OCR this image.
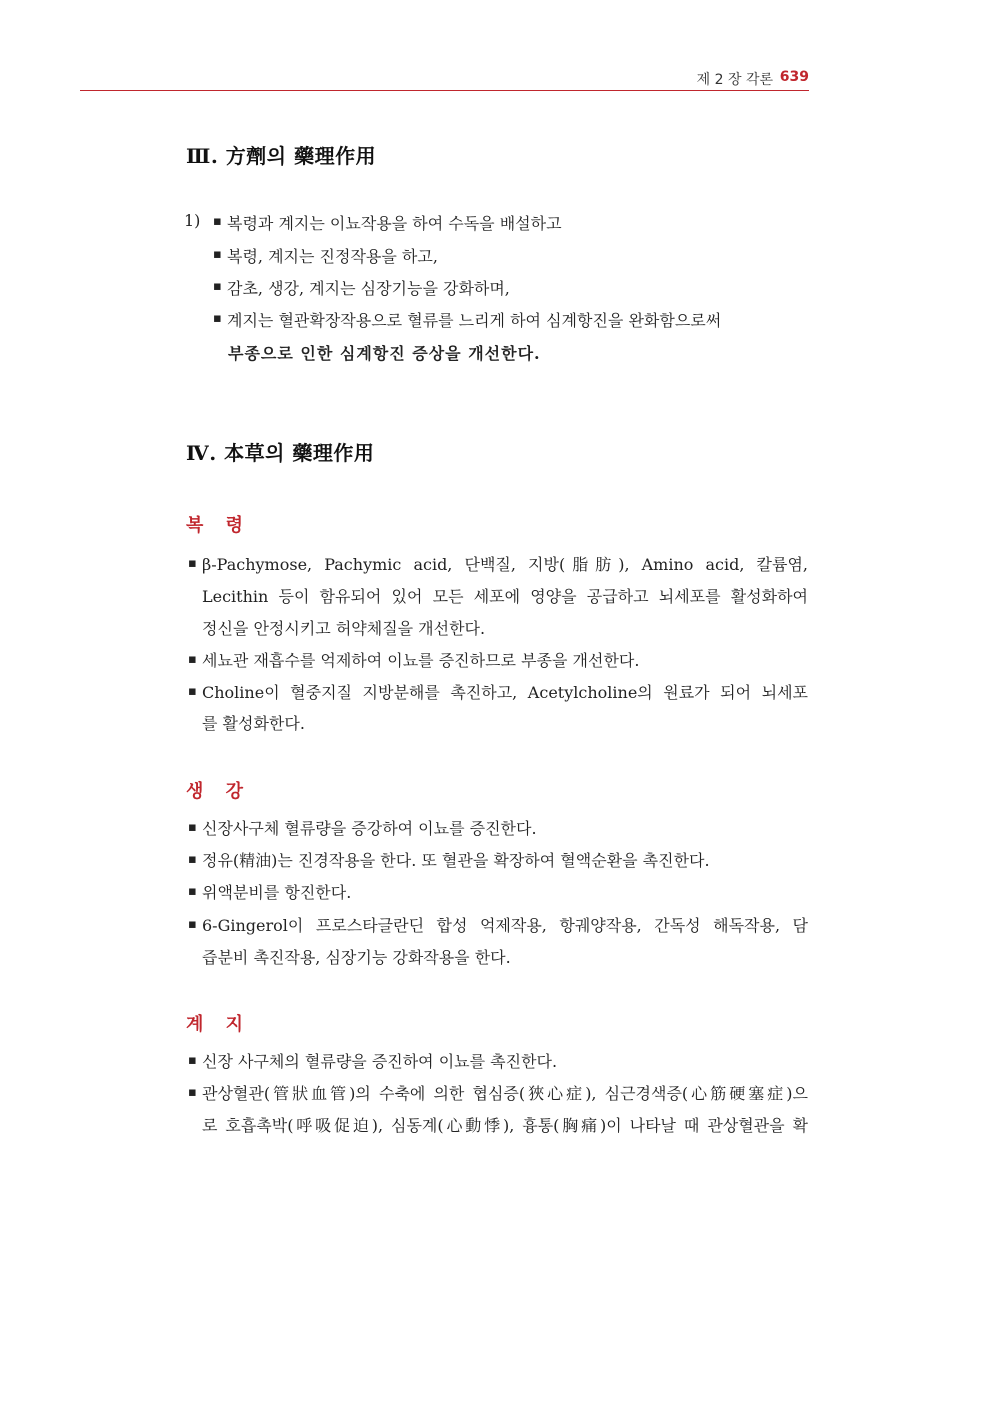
제 2 장 각론 639
Ⅲ. 方劑의 藥理作用
1) ▪ 복령과 계지는 이뇨작용을 하여 수독을 배설하고
▪ 복령, 계지는 진정작용을 하고,
▪ 감초, 생강, 계지는 심장기능을 강화하며,
▪ 계지는 혈관확장작용으로 혈류를 느리게 하여 심계항진을 완화함으로써
부종으로 인한 심계항진 증상을 개선한다.
Ⅳ. 本草의 藥理作用
복 령
▪ β-Pachymose, Pachymic acid, 단백질, 지방(脂肪), Amino acid, 칼륨염,
Lecithin 등이 함유되어 있어 모든 세포에 영양을 공급하고 뇌세포를 활성화하여
정신을 안정시키고 허약체질을 개선한다.
▪ 세뇨관 재흡수를 억제하여 이뇨를 증진하므로 부종을 개선한다.
▪ Choline이 혈중지질 지방분해를 촉진하고, Acetylcholine의 원료가 되어 뇌세포
를 활성화한다.
생 강
▪ 신장사구체 혈류량을 증강하여 이뇨를 증진한다.
▪ 정유(精油)는 진경작용을 한다. 또 혈관을 확장하여 혈액순환을 촉진한다.
▪ 위액분비를 항진한다.
▪ 6-Gingerol이 프로스타글란딘 합성 억제작용, 항궤양작용, 간독성 해독작용, 담
즙분비 촉진작용, 심장기능 강화작용을 한다.
계 지
▪ 신장 사구체의 혈류량을 증진하여 이뇨를 촉진한다.
▪ 관상혈관(管狀血管)의 수축에 의한 협심증(狹心症), 심근경색증(心筋硬塞症)으
로 호흡촉박(呼吸促迫), 심동계(心動悸), 흉통(胸痛)이 나타날 때 관상혈관을 확
